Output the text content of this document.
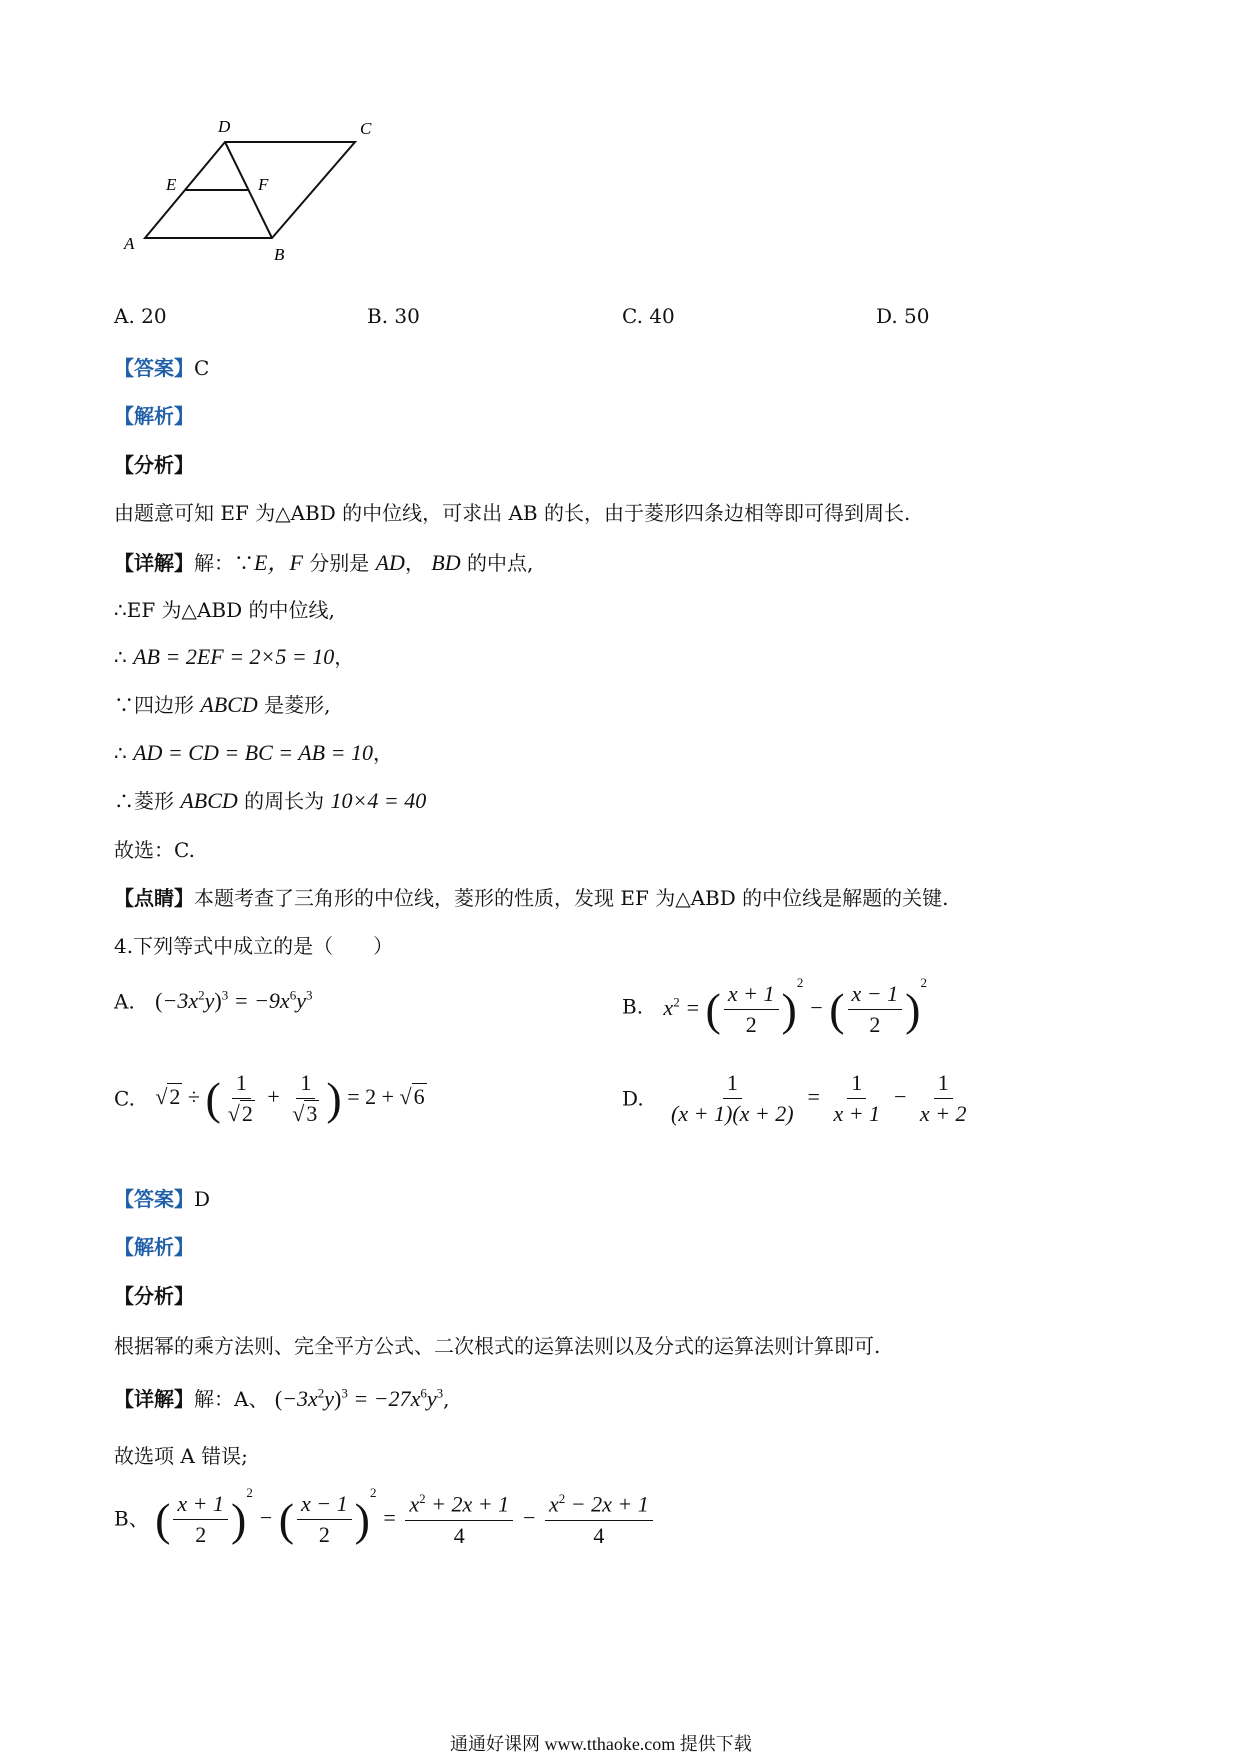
D	C
E	F
A
B
A. 20	B. 30	C. 40	D. 50
【答案】C
【解析】
【分析】
由题意可知 EF 为△ABD 的中位线，可求出 AB 的长，由于菱形四条边相等即可得到周长.
【详解】解：∵E，F 分别是 AD， BD 的中点,
∴EF 为△ABD 的中位线,
∴ AB = 2EF = 2×5 = 10，
∵四边形 ABCD 是菱形,
∴ AD = CD = BC = AB = 10，
∴菱形 ABCD 的周长为 10×4 = 40
故选：C.
【点睛】本题考查了三角形的中位线，菱形的性质，发现 EF 为△ABD 的中位线是解题的关键.
4.下列等式中成立的是（　　）
A. $(-3x^2y)^3 = -9x^6y^3$	B. $x^2$ = ( $\frac{x + 1}{2} )^2$ − ( $\frac{x - 1}{2} )^2$
C. √2 ÷ ( $\frac{1}{√2} + \frac{1}{√3}$ ) = 2 + √6	D. $\frac{1}{(x + 1)(x + 2)} = \frac{1}{x + 1} - \frac{1}{x + 2}$
【答案】D
【解析】
【分析】
根据幂的乘方法则、完全平方公式、二次根式的运算法则以及分式的运算法则计算即可.
【详解】解：A、 $(-3x^2y)^3 = -27x^6y^3$,
故选项 A 错误;
B、 ( $\frac{x + 1}{2} )^2$ − ( $\frac{x - 1}{2} )^2 = \frac{x^2 + 2x + 1}{4} - \frac{x^2 - 2x + 1}{4}$
通通好课网 www.tthaoke.com 提供下载
